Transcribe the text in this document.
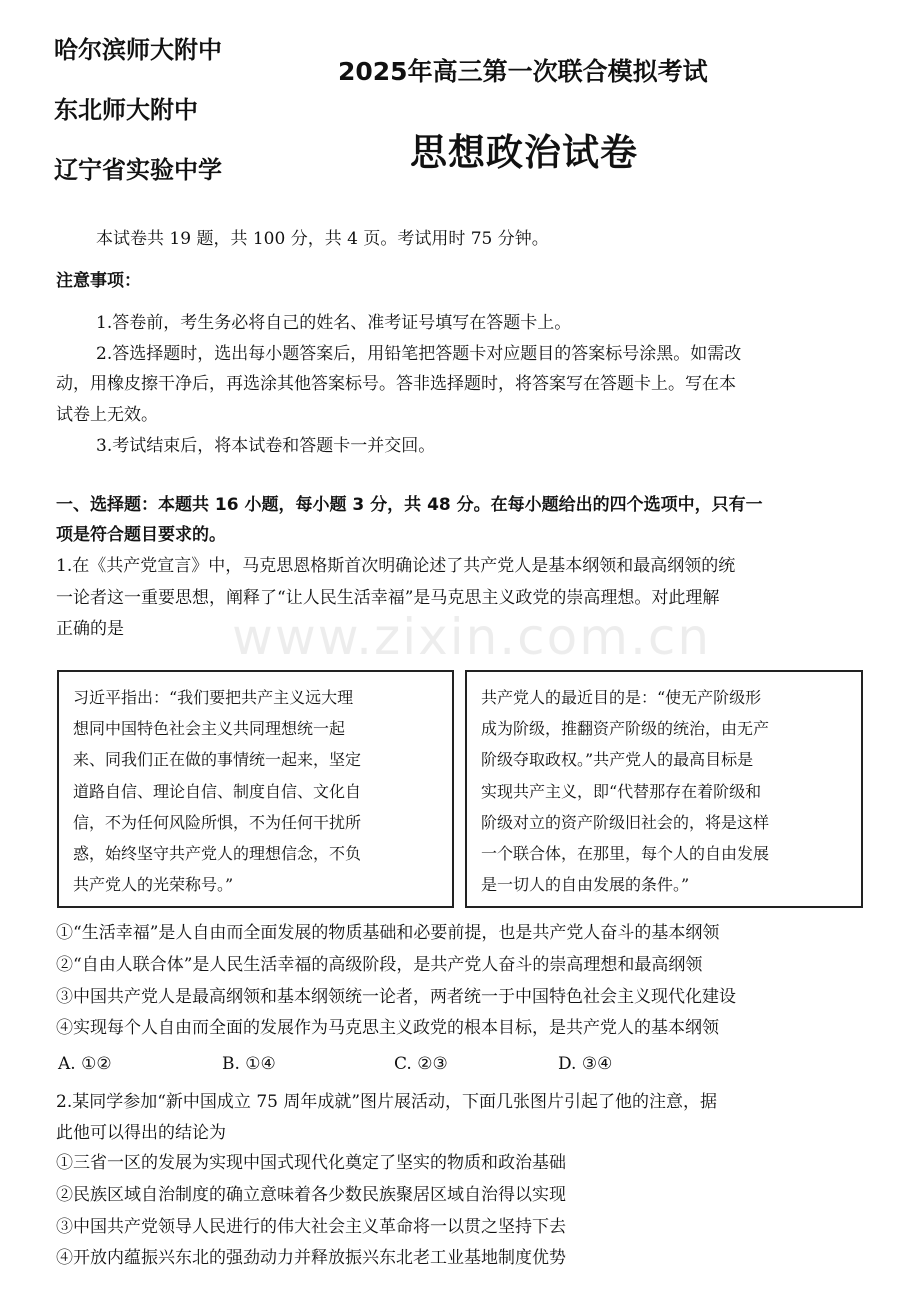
哈尔滨师大附中
东北师大附中
辽宁省实验中学
2025年高三第一次联合模拟考试
思想政治试卷
本试卷共 19 题，共 100 分，共 4 页。考试用时 75 分钟。
注意事项：
1.答卷前，考生务必将自己的姓名、准考证号填写在答题卡上。
2.答选择题时，选出每小题答案后，用铅笔把答题卡对应题目的答案标号涂黑。如需改
动，用橡皮擦干净后，再选涂其他答案标号。答非选择题时，将答案写在答题卡上。写在本
试卷上无效。
3.考试结束后，将本试卷和答题卡一并交回。
一、选择题：本题共 16 小题，每小题 3 分，共 48 分。在每小题给出的四个选项中，只有一
项是符合题目要求的。
1.在《共产党宣言》中，马克思恩格斯首次明确论述了共产党人是基本纲领和最高纲领的统
一论者这一重要思想，阐释了“让人民生活幸福”是马克思主义政党的崇高理想。对此理解
正确的是 www.zixin.com.cn
习近平指出：“我们要把共产主义远大理
想同中国特色社会主义共同理想统一起
来、同我们正在做的事情统一起来，坚定
道路自信、理论自信、制度自信、文化自
信，不为任何风险所惧，不为任何干扰所
惑，始终坚守共产党人的理想信念，不负
共产党人的光荣称号。”
共产党人的最近目的是：“使无产阶级形
成为阶级，推翻资产阶级的统治，由无产
阶级夺取政权。”共产党人的最高目标是
实现共产主义，即“代替那存在着阶级和
阶级对立的资产阶级旧社会的，将是这样
一个联合体，在那里，每个人的自由发展
是一切人的自由发展的条件。”
①“生活幸福”是人自由而全面发展的物质基础和必要前提，也是共产党人奋斗的基本纲领
②“自由人联合体”是人民生活幸福的高级阶段，是共产党人奋斗的崇高理想和最高纲领
③中国共产党人是最高纲领和基本纲领统一论者，两者统一于中国特色社会主义现代化建设
④实现每个人自由而全面的发展作为马克思主义政党的根本目标，是共产党人的基本纲领
A. ①②	B. ①④	C. ②③	D. ③④
2.某同学参加“新中国成立 75 周年成就”图片展活动，下面几张图片引起了他的注意，据
此他可以得出的结论为
①三省一区的发展为实现中国式现代化奠定了坚实的物质和政治基础
②民族区域自治制度的确立意味着各少数民族聚居区域自治得以实现
③中国共产党领导人民进行的伟大社会主义革命将一以贯之坚持下去
④开放内蕴振兴东北的强劲动力并释放振兴东北老工业基地制度优势
